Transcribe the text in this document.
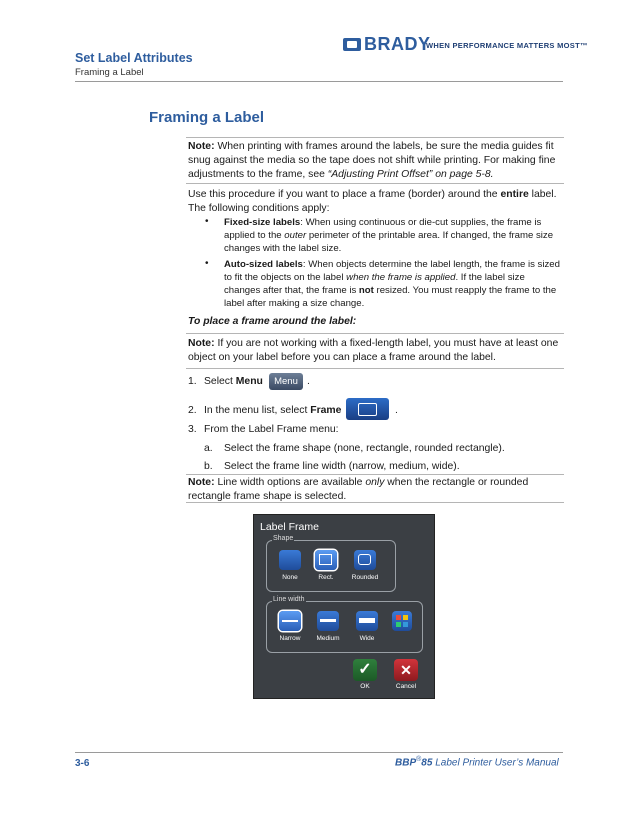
Set Label Attributes
Framing a Label
BRADY
WHEN PERFORMANCE MATTERS MOST™
Framing a Label
Note: When printing with frames around the labels, be sure the media guides fit
snug against the media so the tape does not shift while printing. For making fine
adjustments to the frame, see “Adjusting Print Offset” on page 5-8.
Use this procedure if you want to place a frame (border) around the entire label.
The following conditions apply:
• Fixed-size labels: When using continuous or die-cut supplies, the frame is
applied to the outer perimeter of the printable area. If changed, the frame size
changes with the label size.
• Auto-sized labels: When objects determine the label length, the frame is sized
to fit the objects on the label when the frame is applied. If the label size
changes after that, the frame is not resized. You must reapply the frame to the
label after making a size change.
To place a frame around the label:
Note: If you are not working with a fixed-length label, you must have at least one
object on your label before you can place a frame around the label.
1. Select Menu	Menu .
2. In the menu list, select Frame	.
3. From the Label Frame menu:
a. Select the frame shape (none, rectangle, rounded rectangle).
b. Select the frame line width (narrow, medium, wide).
Note: Line width options are available only when the rectangle or rounded
rectangle frame shape is selected.
Label Frame
Shape
None	Rect.	Rounded
Line width
Narrow	Medium	Wide
✓	✕
OK	Cancel
3-6	BBP®85 Label Printer User’s Manual
